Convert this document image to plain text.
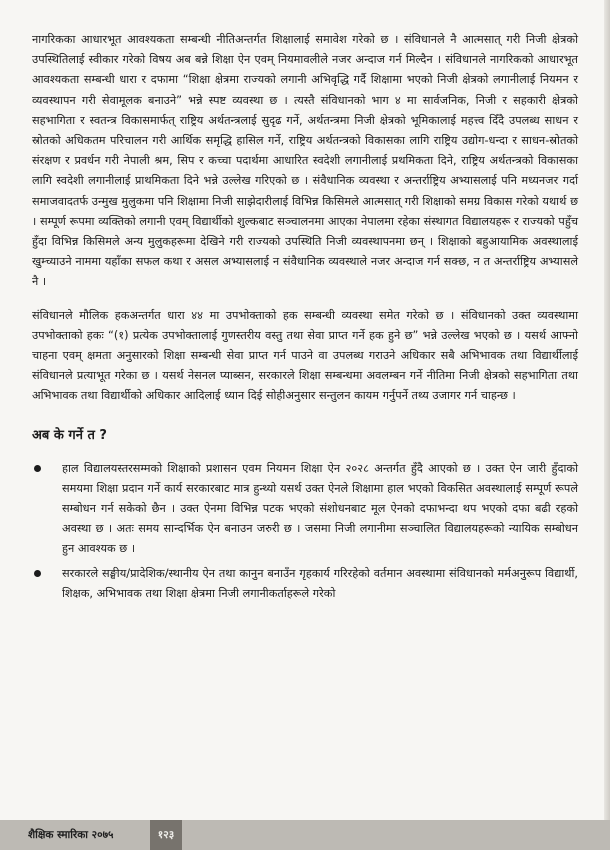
नागरिकका आधारभूत आवश्यकता सम्बन्धी नीतिअन्तर्गत शिक्षालाई समावेश गरेको छ । संविधानले नै आत्मसात् गरी निजी क्षेत्रको उपस्थितिलाई स्वीकार गरेको विषय अब बन्ने शिक्षा ऐन एवम् नियमावलीले नजर अन्दाज गर्न मिल्दैन । संविधानले नागरिकको आधारभूत आवश्यकता सम्बन्धी धारा र दफामा “शिक्षा क्षेत्रमा राज्यको लगानी अभिवृद्धि गर्दै शिक्षामा भएको निजी क्षेत्रको लगानीलाई नियमन र व्यवस्थापन गरी सेवामूलक बनाउने” भन्ने स्पष्ट व्यवस्था छ । त्यस्तै संविधानको भाग ४ मा सार्वजनिक, निजी र सहकारी क्षेत्रको सहभागिता र स्वतन्त्र विकासमार्फत् राष्ट्रिय अर्थतन्त्रलाई सुदृढ गर्ने, अर्थतन्त्रमा निजी क्षेत्रको भूमिकालाई महत्त्व दिँदै उपलब्ध साधन र स्रोतको अधिकतम परिचालन गरी आर्थिक समृद्धि हासिल गर्ने, राष्ट्रिय अर्थतन्त्रको विकासका लागि राष्ट्रिय उद्योग-धन्दा र साधन-स्रोतको संरक्षण र प्रवर्धन गरी नेपाली श्रम, सिप र कच्चा पदार्थमा आधारित स्वदेशी लगानीलाई प्रथमिकता दिने, राष्ट्रिय अर्थतन्त्रको विकासका लागि स्वदेशी लगानीलाई प्राथमिकता दिने भन्ने उल्लेख गरिएको छ । संवैधानिक व्यवस्था र अन्तर्राष्ट्रिय अभ्यासलाई पनि मध्यनजर गर्दा समाजवादतर्फ उन्मुख मुलुकमा पनि शिक्षामा निजी साझेदारीलाई विभिन्न किसिमले आत्मसात् गरी शिक्षाको समग्र विकास गरेको यथार्थ छ । सम्पूर्ण रूपमा व्यक्तिको लगानी एवम् विद्यार्थीको शुल्कबाट सञ्चालनमा आएका नेपालमा रहेका संस्थागत विद्यालयहरू र राज्यको पहुँच हुँदा विभिन्न किसिमले अन्य मुलुकहरूमा देखिने गरी राज्यको उपस्थिति निजी व्यवस्थापनमा छन् । शिक्षाको बहुआयामिक अवस्थालाई खुम्च्याउने नाममा यहाँका सफल कथा र असल अभ्यासलाई न संवैधानिक व्यवस्थाले नजर अन्दाज गर्न सक्छ, न त अन्तर्राष्ट्रिय अभ्यासले नै ।

संविधानले मौलिक हकअन्तर्गत धारा ४४ मा उपभोक्ताको हक सम्बन्धी व्यवस्था समेत गरेको छ । संविधानको उक्त व्यवस्थामा उपभोक्ताको हकः “(१) प्रत्येक उपभोक्तालाई गुणस्तरीय वस्तु तथा सेवा प्राप्त गर्ने हक हुने छ” भन्ने उल्लेख भएको छ । यसर्थ आफ्नो चाहना एवम् क्षमता अनुसारको शिक्षा सम्बन्धी सेवा प्राप्त गर्न पाउने वा उपलब्ध गराउने अधिकार सबै अभिभावक तथा विद्यार्थीलाई संविधानले प्रत्याभूत गरेका छ । यसर्थ नेसनल प्याब्सन, सरकारले शिक्षा सम्बन्धमा अवलम्बन गर्ने नीतिमा निजी क्षेत्रको सहभागिता तथा अभिभावक तथा विद्यार्थीको अधिकार आदिलाई ध्यान दिई सोहीअनुसार सन्तुलन कायम गर्नुपर्ने तथ्य उजागर गर्न चाहन्छ ।

अब के गर्ने त ?
हाल विद्यालयस्तरसम्मको शिक्षाको प्रशासन एवम नियमन शिक्षा ऐन २०२८ अन्तर्गत हुँदै आएको छ । उक्त ऐन जारी हुँदाको समयमा शिक्षा प्रदान गर्ने कार्य सरकारबाट मात्र हुन्थ्यो यसर्थ उक्त ऐनले शिक्षामा हाल भएको विकसित अवस्थालाई सम्पूर्ण रूपले सम्बोधन गर्न सकेको छैन । उक्त ऐनमा विभिन्न पटक भएको संशोधनबाट मूल ऐनको दफाभन्दा थप भएको दफा बढी रहको अवस्था छ । अतः समय सान्दर्भिक ऐन बनाउन जरुरी छ । जसमा निजी लगानीमा सञ्चालित विद्यालयहरूको न्यायिक सम्बोधन हुन आवश्यक छ ।
सरकारले सङ्घीय/प्रादेशिक/स्थानीय ऐन तथा कानुन बनाउँन गृहकार्य गरिरहेको वर्तमान अवस्थामा संविधानको मर्मअनुरूप विद्यार्थी, शिक्षक, अभिभावक तथा शिक्षा क्षेत्रमा निजी लगानीकर्ताहरूले गरेको
शैक्षिक स्मारिका २०७५	१२३
